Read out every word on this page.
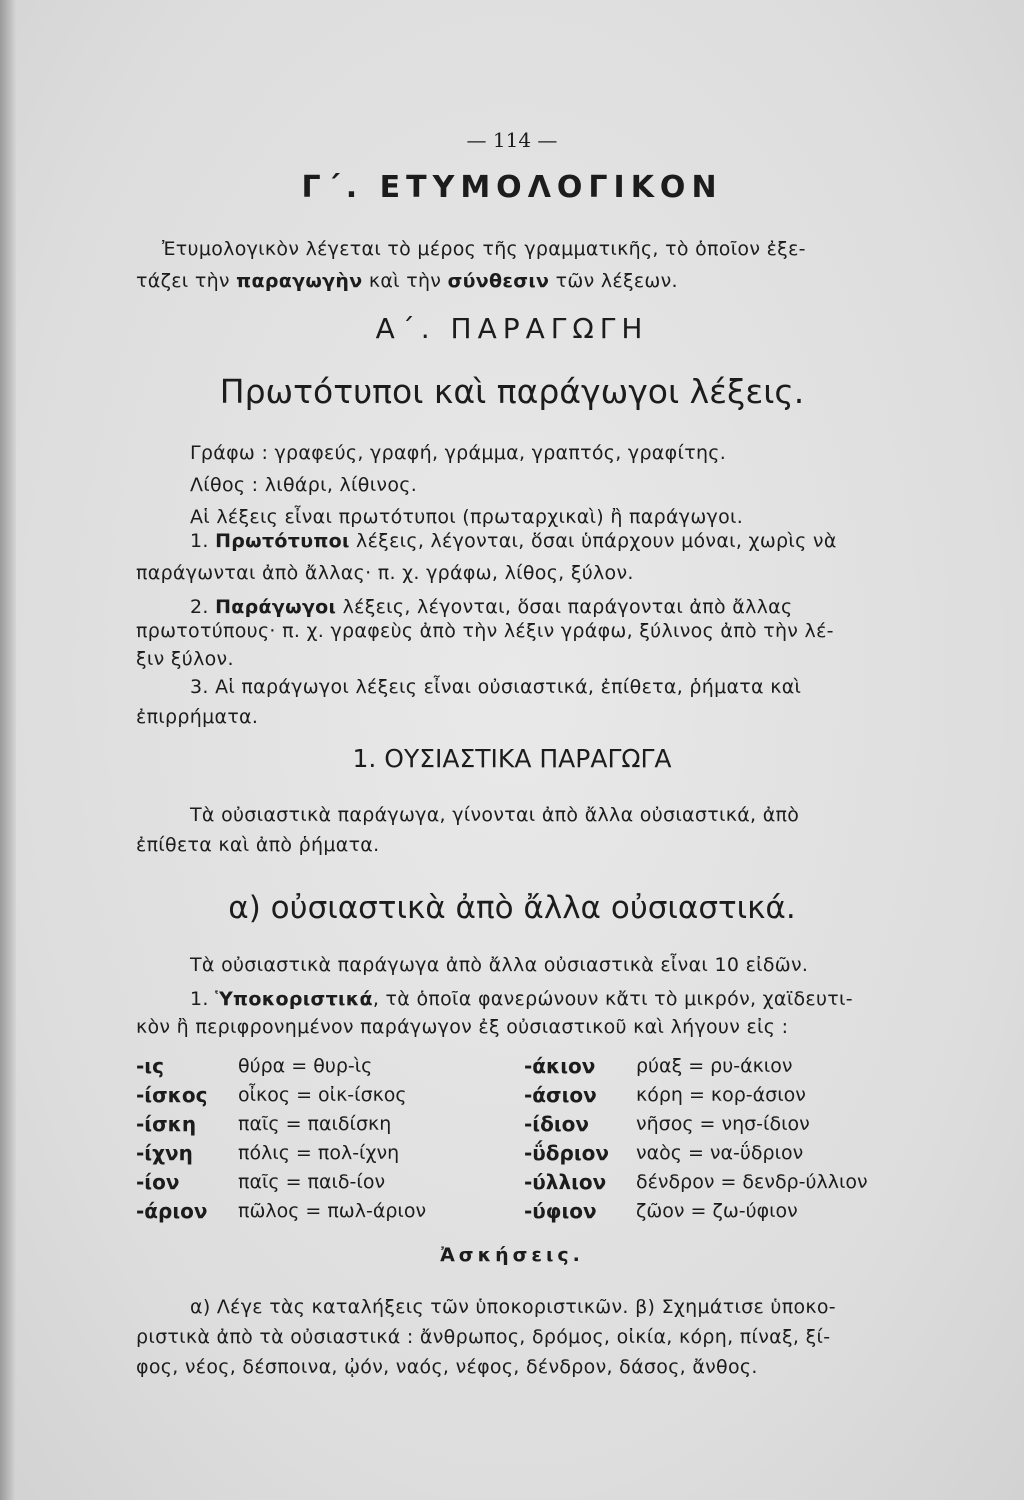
— 114 —
Γ΄. ΕΤΥΜΟΛΟΓΙΚΟΝ
Ἐτυμολογικὸν λέγεται τὸ μέρος τῆς γραμματικῆς, τὸ ὁποῖον ἐξε-
τάζει τὴν παραγωγὴν καὶ τὴν σύνθεσιν τῶν λέξεων.
Α΄. ΠΑΡΑΓΩΓΗ
Πρωτότυποι καὶ παράγωγοι λέξεις.
Γράφω : γραφεύς, γραφή, γράμμα, γραπτός, γραφίτης.
Λίθος : λιθάρι, λίθινος.
Αἱ λέξεις εἶναι πρωτότυποι (πρωταρχικαὶ) ἢ παράγωγοι.
1. Πρωτότυποι λέξεις, λέγονται, ὅσαι ὑπάρχουν μόναι, χωρὶς νὰ
παράγωνται ἀπὸ ἄλλας· π. χ. γράφω, λίθος, ξύλον.
2. Παράγωγοι λέξεις, λέγονται, ὅσαι παράγονται ἀπὸ ἄλλας
πρωτοτύπους· π. χ. γραφεὺς ἀπὸ τὴν λέξιν γράφω, ξύλινος ἀπὸ τὴν λέ-
ξιν ξύλον.
3. Αἱ παράγωγοι λέξεις εἶναι οὐσιαστικά, ἐπίθετα, ῥήματα καὶ
ἐπιρρήματα.
1. ΟΥΣΙΑΣΤΙΚΑ ΠΑΡΑΓΩΓΑ
Τὰ οὐσιαστικὰ παράγωγα, γίνονται ἀπὸ ἄλλα οὐσιαστικά, ἀπὸ
ἐπίθετα καὶ ἀπὸ ῥήματα.
α) οὐσιαστικὰ ἀπὸ ἄλλα οὐσιαστικά.
Τὰ οὐσιαστικὰ παράγωγα ἀπὸ ἄλλα οὐσιαστικὰ εἶναι 10 εἰδῶν.
1. Ὑποκοριστικά, τὰ ὁποῖα φανερώνουν κἄτι τὸ μικρόν, χαϊδευτι-
κὸν ἢ περιφρονημένον παράγωγον ἐξ οὐσιαστικοῦ καὶ λήγουν εἰς :
-ις	θύρα = θυρ-ὶς	-άκιον ρύαξ = ρυ-άκιον
-ίσκος οἶκος = οἰκ-ίσκος	-άσιον κόρη = κορ-άσιον
-ίσκη παῖς = παιδίσκη	-ίδιον νῆσος = νησ-ίδιον
-ίχνη πόλις = πολ-ίχνη	-ΰδριον ναὸς = να-ΰδριον
-ίον	παῖς = παιδ-ίον	-ύλλιον δένδρον = δενδρ-ύλλιον
-άριον πῶλος = πωλ-άριον	-ύφιον ζῶον = ζω-ύφιον
Ἀσκήσεις.
α) Λέγε τὰς καταλήξεις τῶν ὑποκοριστικῶν. β) Σχημάτισε ὑποκο-
ριστικὰ ἀπὸ τὰ οὐσιαστικά : ἄνθρωπος, δρόμος, οἰκία, κόρη, πίναξ, ξί-
φος, νέος, δέσποινα, ᾠόν, ναός, νέφος, δένδρον, δάσος, ἄνθος.
